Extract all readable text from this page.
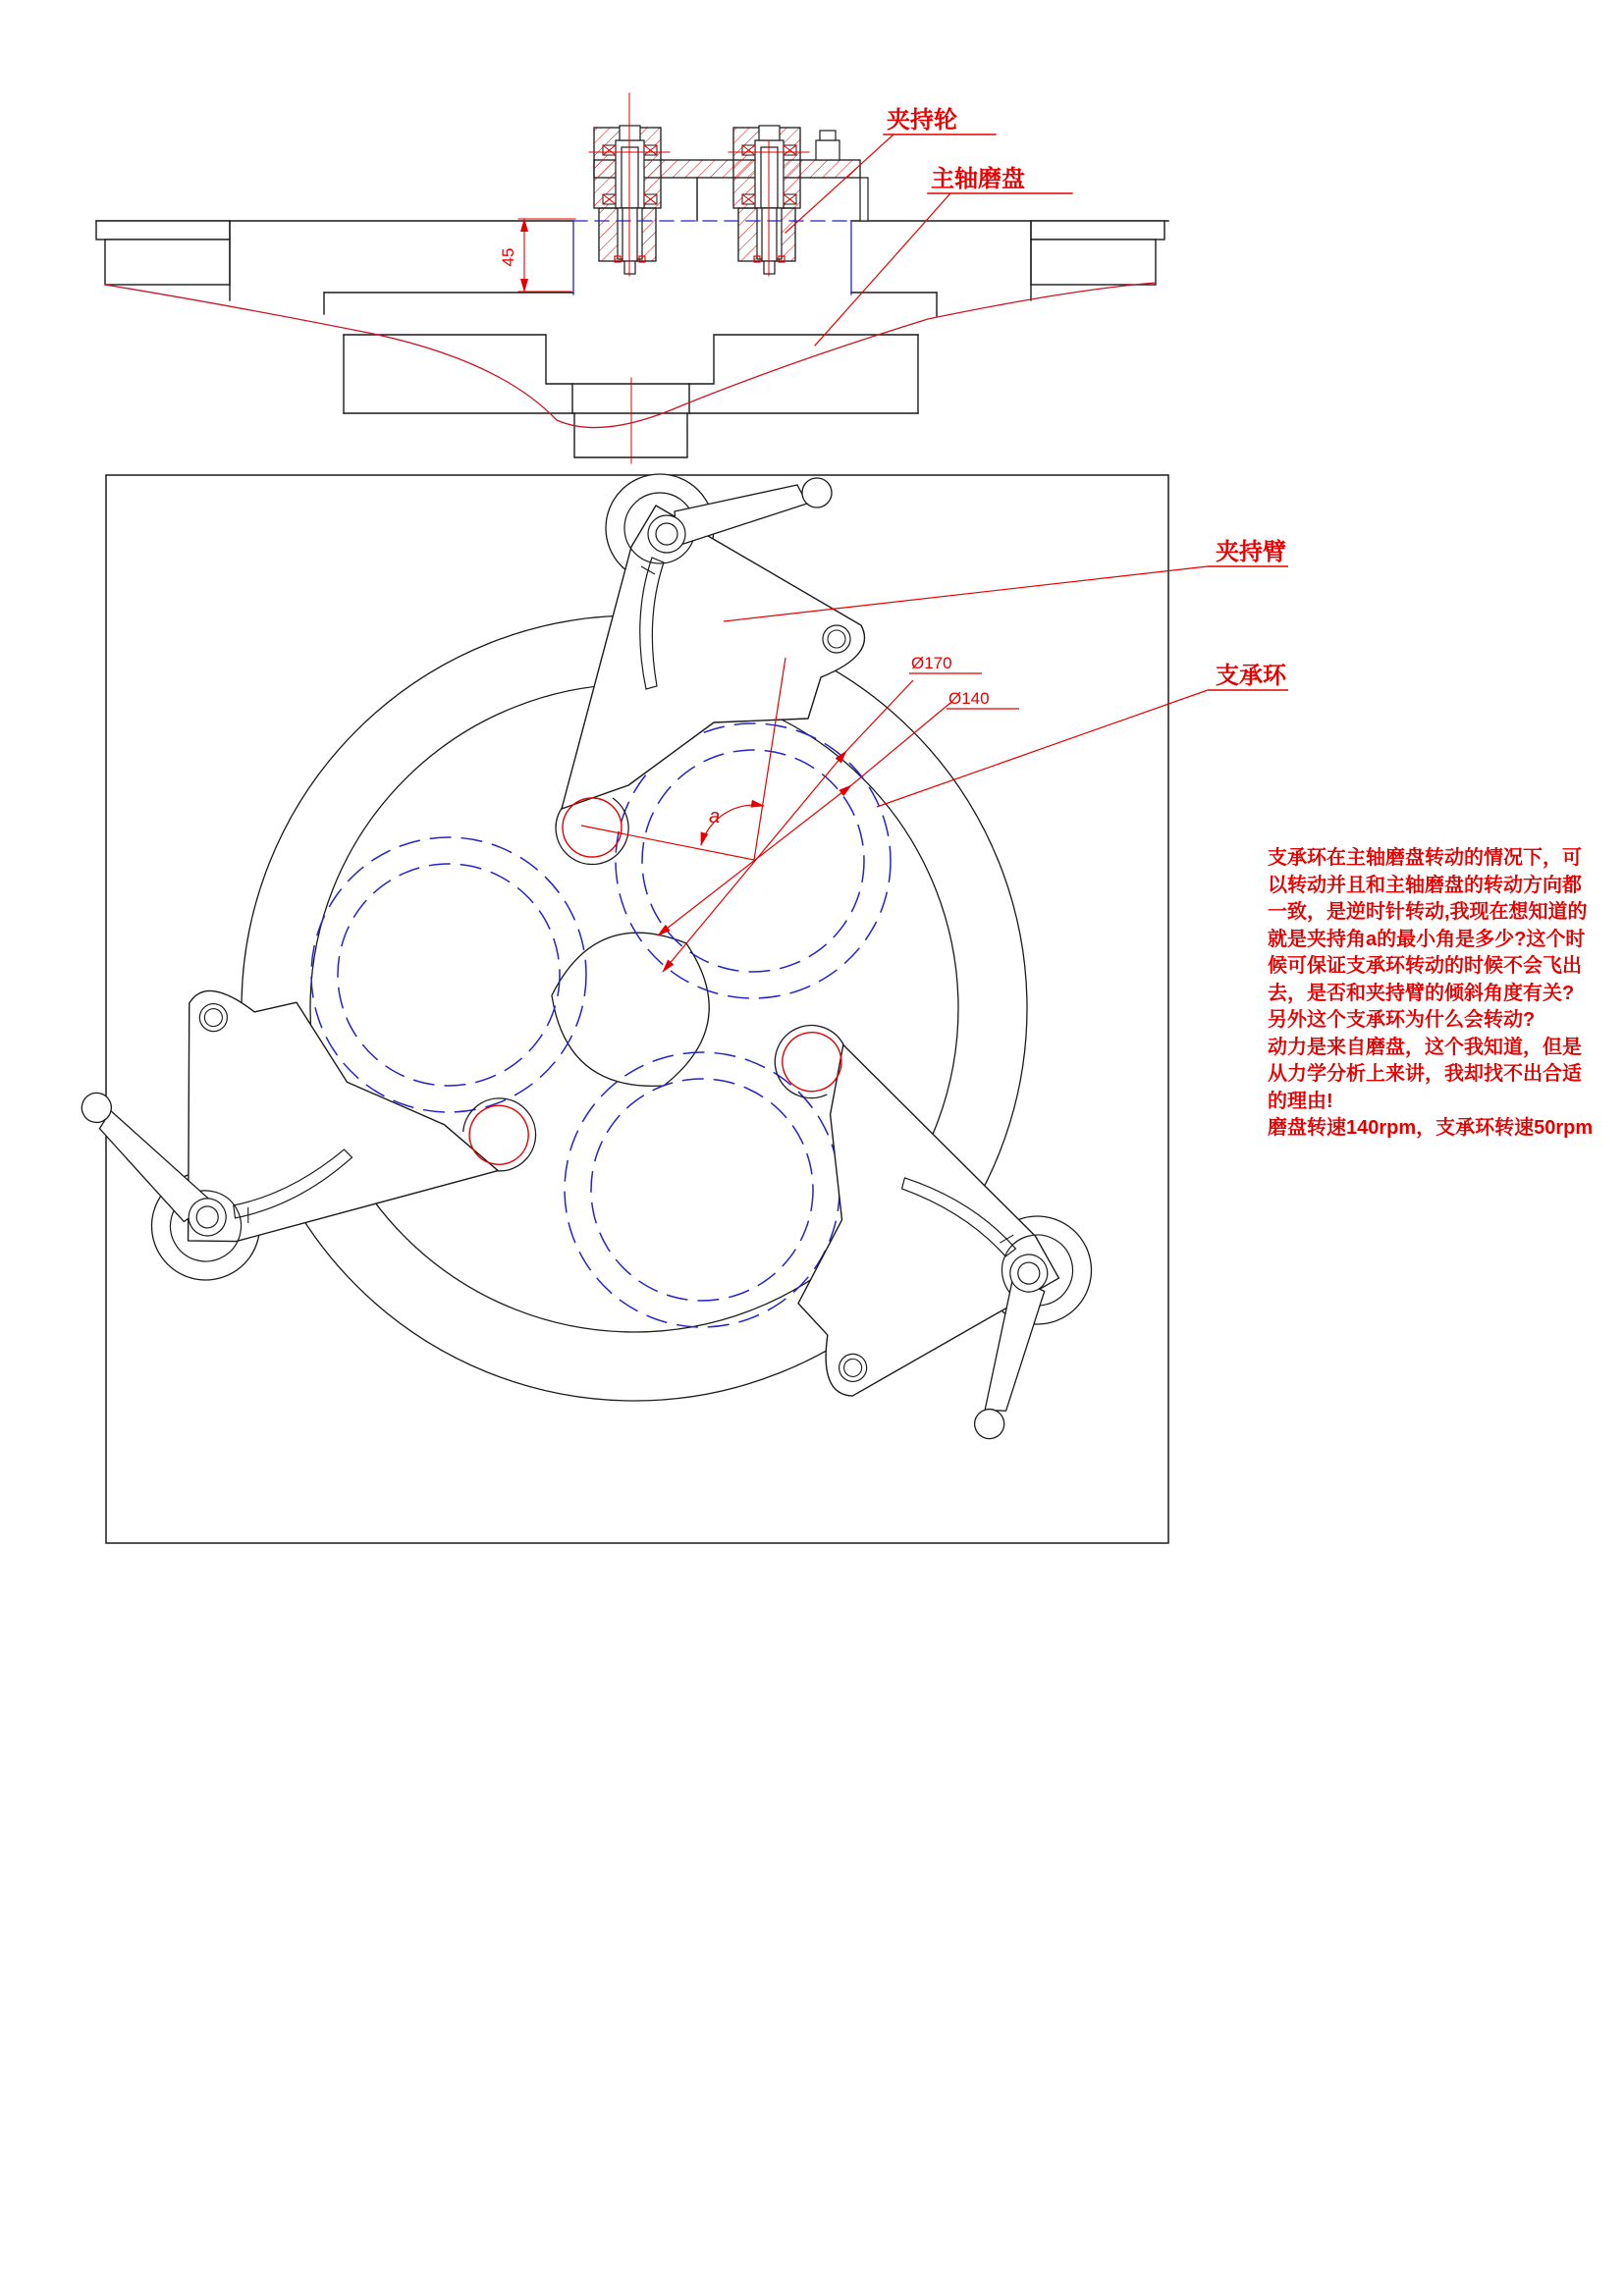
45
夹持轮
主轴磨盘
Ø170
Ø140
a
夹持臂
支承环
支承环在主轴磨盘转动的情况下，可
以转动并且和主轴磨盘的转动方向都
一致，是逆时针转动,我现在想知道的
就是夹持角a的最小角是多少?这个时
候可保证支承环转动的时候不会飞出
去，是否和夹持臂的倾斜角度有关?
另外这个支承环为什么会转动?
动力是来自磨盘，这个我知道，但是
从力学分析上来讲，我却找不出合适
的理由!
磨盘转速140rpm，支承环转速50rpm
